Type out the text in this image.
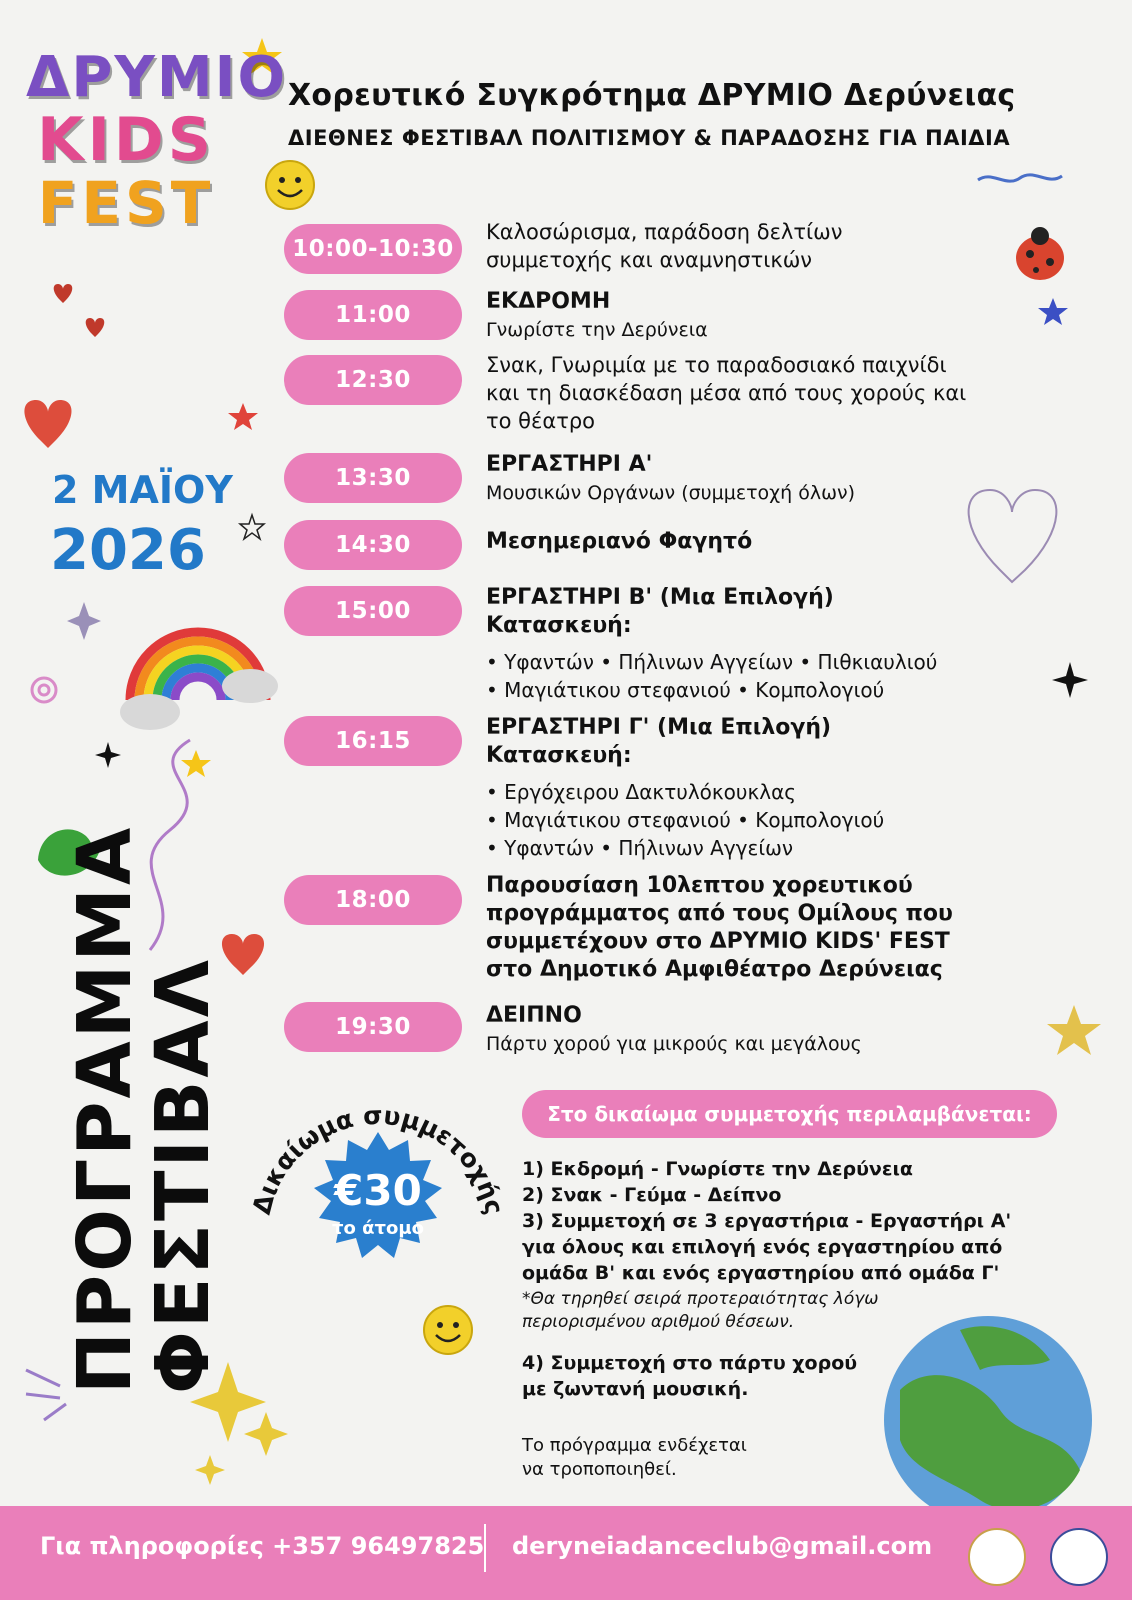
ΔΡΥΜΙΟ
KIDS
FEST
Χορευτικό Συγκρότημα ΔΡΥΜΙΟ Δερύνειας
ΔΙΕΘΝΕΣ ΦΕΣΤΙΒΑΛ ΠΟΛΙΤΙΣΜΟΥ & ΠΑΡΑΔΟΣΗΣ ΓΙΑ ΠΑΙΔΙΑ
2 ΜΑΪΟΥ
2026
ΠΡΟΓΡΑΜΜΑ
ΦΕΣΤΙΒΑΛ
10:00-10:30
Καλοσώρισμα, παράδοση δελτίων
συμμετοχής και αναμνηστικών
11:00
ΕΚΔΡΟΜΗ
Γνωρίστε την Δερύνεια
12:30
Σνακ, Γνωριμία με το παραδοσιακό παιχνίδι
και τη διασκέδαση μέσα από τους χορούς και
το θέατρο
13:30
ΕΡΓΑΣΤΗΡΙ Α'
Μουσικών Οργάνων (συμμετοχή όλων)
14:30	Μεσημεριανό Φαγητό
15:00
ΕΡΓΑΣΤΗΡΙ Β' (Μια Επιλογή)
Κατασκευή:
• Υφαντών • Πήλινων Αγγείων • Πιθκιαυλιού
• Μαγιάτικου στεφανιού • Κομπολογιού
16:15
ΕΡΓΑΣΤΗΡΙ Γ' (Μια Επιλογή)
Κατασκευή:
• Εργόχειρου Δακτυλόκουκλας
• Μαγιάτικου στεφανιού • Κομπολογιού
• Υφαντών • Πήλινων Αγγείων
18:00
Παρουσίαση 10λεπτου χορευτικού
προγράμματος από τους Ομίλους που
συμμετέχουν στο ΔΡΥΜΙΟ KIDS' FEST
στο Δημοτικό Αμφιθέατρο Δερύνειας
19:30	ΔΕΙΠΝΟ
Πάρτυ χορού για μικρούς και μεγάλους
Δικαίωμα συμμετοχής
€30
το άτομο
Στο δικαίωμα συμμετοχής περιλαμβάνεται:
1) Εκδρομή - Γνωρίστε την Δερύνεια
2) Σνακ - Γεύμα - Δείπνο
3) Συμμετοχή σε 3 εργαστήρια - Εργαστήρι Α'
για όλους και επιλογή ενός εργαστηρίου από
ομάδα Β' και ενός εργαστηρίου από ομάδα Γ'
*Θα τηρηθεί σειρά προτεραιότητας λόγω
περιορισμένου αριθμού θέσεων.
4) Συμμετοχή στο πάρτυ χορού
με ζωντανή μουσική.
Το πρόγραμμα ενδέχεται
να τροποποιηθεί.
Για πληροφορίες +357 96497825 deryneiadanceclub@gmail.com
